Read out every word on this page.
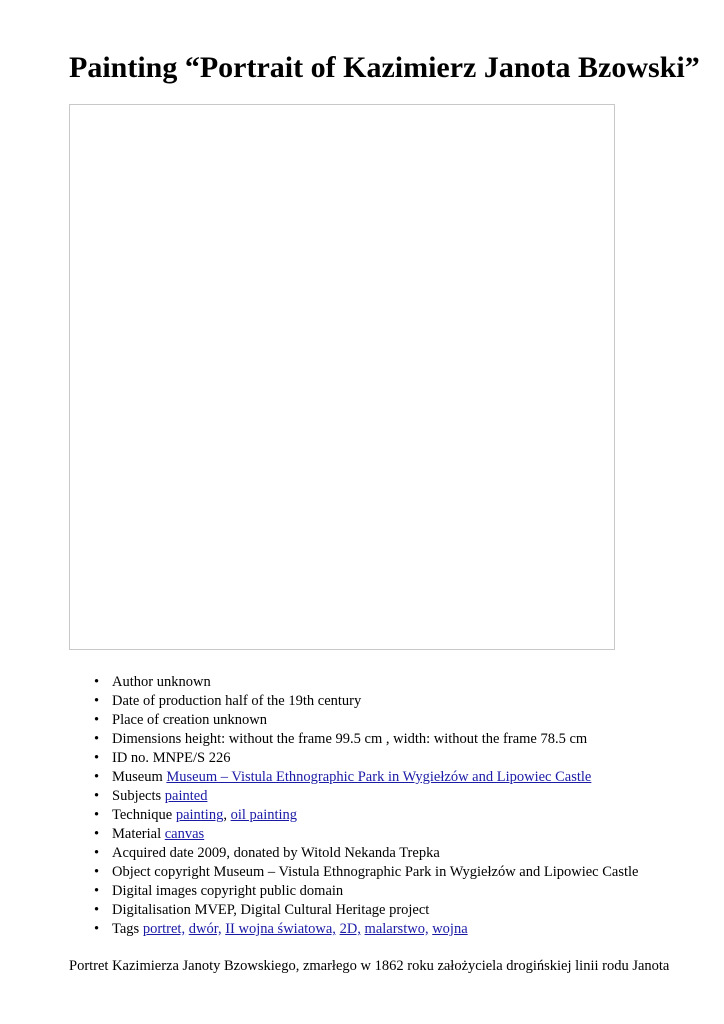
Painting “Portrait of Kazimierz Janota Bzowski”
• Author unknown
• Date of production half of the 19th century
• Place of creation unknown
• Dimensions height: without the frame 99.5 cm , width: without the frame 78.5 cm
• ID no. MNPE/S 226
• Museum Museum – Vistula Ethnographic Park in Wygiełzów and Lipowiec Castle
• Subjects painted
• Technique painting, oil painting
• Material canvas
• Acquired date 2009, donated by Witold Nekanda Trepka
• Object copyright Museum – Vistula Ethnographic Park in Wygiełzów and Lipowiec Castle
• Digital images copyright public domain
• Digitalisation MVEP, Digital Cultural Heritage project
• Tags portret, dwór, II wojna światowa, 2D, malarstwo, wojna

Portret Kazimierza Janoty Bzowskiego, zmarłego w 1862 roku założyciela drogińskiej linii rodu Janota
